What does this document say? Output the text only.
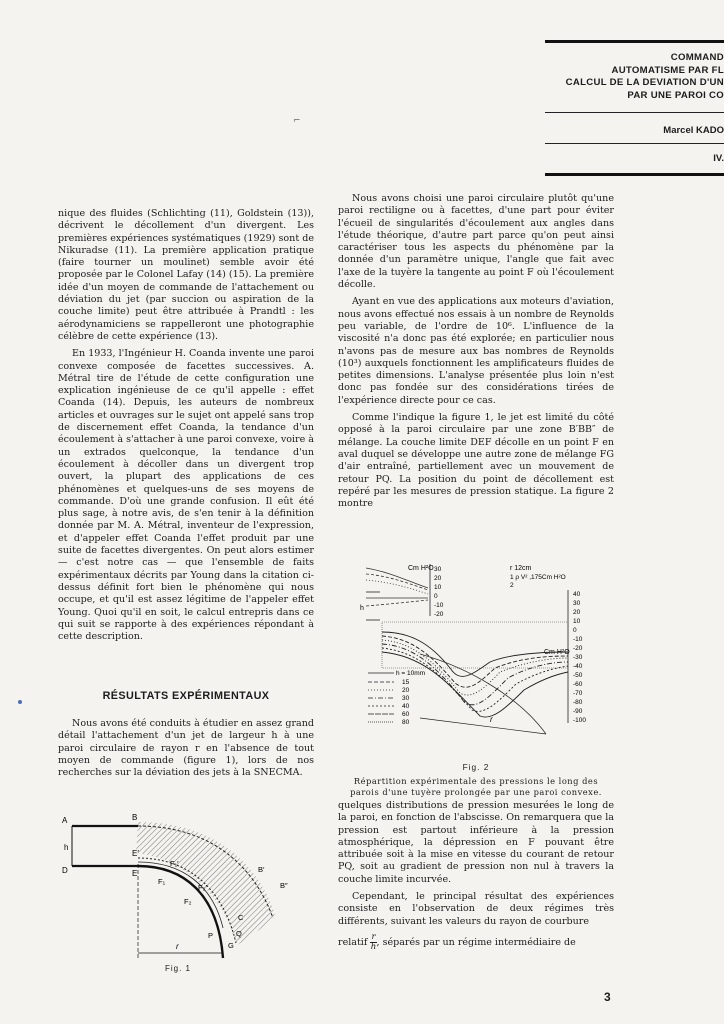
COMMAND
AUTOMATISME PAR FL
CALCUL DE LA DEVIATION D'UN
PAR UNE PAROI CO
Marcel KADO
IV.
⌐

nique des fluides (Schlichting (11), Goldstein (13)), décrivent le décollement d'un divergent. Les premières expériences systématiques (1929) sont de Nikuradse (11). La première application pratique (faire tourner un moulinet) semble avoir été proposée par le Colonel Lafay (14) (15). La première idée d'un moyen de commande de l'attachement ou déviation du jet (par succion ou aspiration de la couche limite) peut être attribuée à Prandtl : les aérodynamiciens se rappelleront une photographie célèbre de cette expérience (13).

En 1933, l'Ingénieur H. Coanda invente une paroi convexe composée de facettes successives. A. Métral tire de l'étude de cette configuration une explication ingénieuse de ce qu'il appelle : effet Coanda (14). Depuis, les auteurs de nombreux articles et ouvrages sur le sujet ont appelé sans trop de discernement effet Coanda, la tendance d'un écoulement à s'attacher à une paroi convexe, voire à un extrados quelconque, la tendance d'un écoulement à décoller dans un divergent trop ouvert, la plupart des applications de ces phénomènes et quelques-uns de ses moyens de commande. D'où une grande confusion. Il eût été plus sage, à notre avis, de s'en tenir à la définition donnée par M. A. Métral, inventeur de l'expression, et d'appeler effet Coanda l'effet produit par une suite de facettes divergentes. On peut alors estimer — c'est notre cas — que l'ensemble de faits expérimentaux décrits par Young dans la citation ci-dessus définit fort bien le phénomène qui nous occupe, et qu'il est assez légitime de l'appeler effet Young. Quoi qu'il en soit, le calcul entrepris dans ce qui suit se rapporte à des expériences répondant à cette description.

RÉSULTATS EXPÉRIMENTAUX

Nous avons été conduits à étudier en assez grand détail l'attachement d'un jet de largeur h à une paroi circulaire de rayon r en l'absence de tout moyen de commande (figure 1), lors de nos recherches sur la déviation des jets à la SNECMA.

A	B
h
D	E
E′
F₁
F₁′
F₂
F₂′
B′
B″
C
P	Q
G
r
Fig. 1

Nous avons choisi une paroi circulaire plutôt qu'une paroi rectiligne ou à facettes, d'une part pour éviter l'écueil de singularités d'écoulement aux angles dans l'étude théorique, d'autre part parce qu'on peut ainsi caractériser tous les aspects du phénomène par la donnée d'un paramètre unique, l'angle que fait avec l'axe de la tuyère la tangente au point F où l'écoulement décolle.

Ayant en vue des applications aux moteurs d'aviation, nous avons effectué nos essais à un nombre de Reynolds peu variable, de l'ordre de 10⁶. L'influence de la viscosité n'a donc pas été explorée; en particulier nous n'avons pas de mesure aux bas nombres de Reynolds (10³) auxquels fonctionnent les amplificateurs fluides de petites dimensions. L'analyse présentée plus loin n'est donc pas fondée sur des considérations tirées de l'expérience directe pour ce cas.

Comme l'indique la figure 1, le jet est limité du côté opposé à la paroi circulaire par une zone B′BB″ de mélange. La couche limite DEF décolle en un point F en aval duquel se développe une autre zone de mélange FG d'air entraîné, partiellement avec un mouvement de retour PQ. La position du point de décollement est repéré par les mesures de pression statique. La figure 2 montre

Cm H²O 30
20
10
0
-10
-20
h
r 12cm
1 ρ V² ,175Cm H²O
2
40
30
20
10
0
-10
-20
-30
-40
-50
-60
-70
-80
-90
-100
Cm H²O
r
h = 10mm
15
20
30
40
60
80
Fig. 2
Répartition expérimentale des pressions le long des parois d'une tuyère prolongée par une paroi convexe.

quelques distributions de pression mesurées le long de la paroi, en fonction de l'abscisse. On remarquera que la pression est partout inférieure à la pression atmosphérique, la dépression en F pouvant être attribuée soit à la mise en vitesse du courant de retour PQ, soit au gradient de pression non nul à travers la couche limite incurvée.

Cependant, le principal résultat des expériences consiste en l'observation de deux régimes très différents, suivant les valeurs du rayon de courbure

relatif $\frac{r}{h}$ , séparés par un régime intermédiaire de

3
